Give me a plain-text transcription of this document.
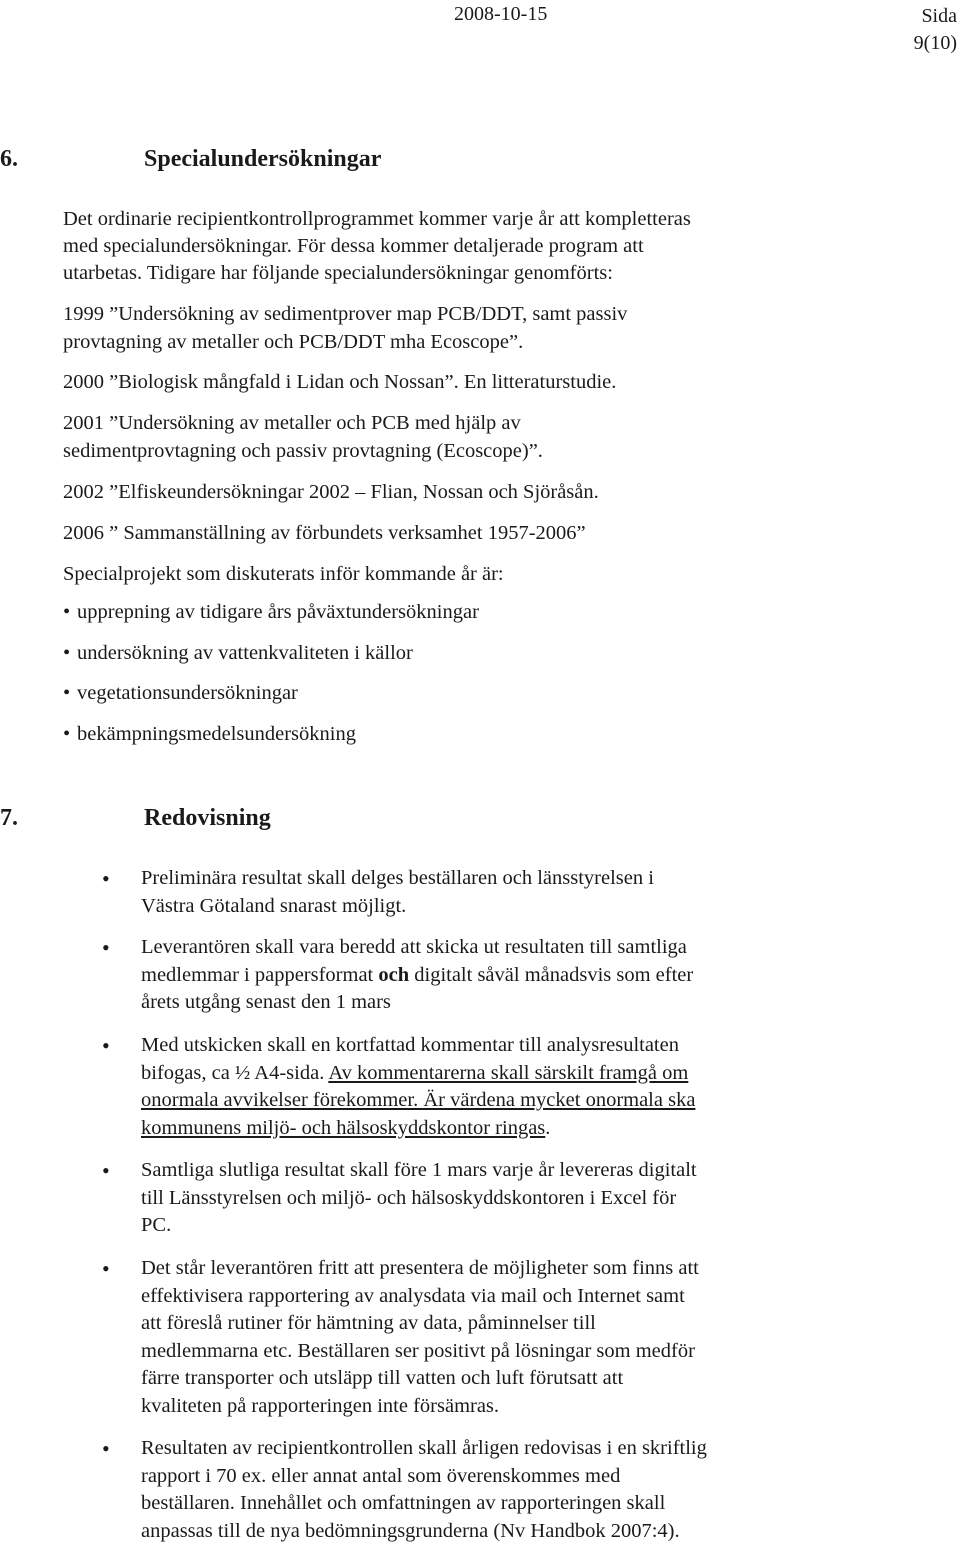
2008-10-15	Sida
9(10)
6.	Specialundersökningar
Det ordinarie recipientkontrollprogrammet kommer varje år att kompletteras
med specialundersökningar. För dessa kommer detaljerade program att
utarbetas. Tidigare har följande specialundersökningar genomförts:
1999 ”Undersökning av sedimentprover map PCB/DDT, samt passiv
provtagning av metaller och PCB/DDT mha Ecoscope”.
2000 ”Biologisk mångfald i Lidan och Nossan”. En litteraturstudie.
2001 ”Undersökning av metaller och PCB med hjälp av
sedimentprovtagning och passiv provtagning (Ecoscope)”.
2002 ”Elfiskeundersökningar 2002 – Flian, Nossan och Sjöråsån.
2006 ” Sammanställning av förbundets verksamhet 1957-2006”
Specialprojekt som diskuterats inför kommande år är:
• upprepning av tidigare års påväxtundersökningar
• undersökning av vattenkvaliteten i källor
• vegetationsundersökningar
• bekämpningsmedelsundersökning
7.	Redovisning
• Preliminära resultat skall delges beställaren och länsstyrelsen i
Västra Götaland snarast möjligt.
• Leverantören skall vara beredd att skicka ut resultaten till samtliga
medlemmar i pappersformat och digitalt såväl månadsvis som efter
årets utgång senast den 1 mars
• Med utskicken skall en kortfattad kommentar till analysresultaten
bifogas, ca ½ A4-sida. Av kommentarerna skall särskilt framgå om
onormala avvikelser förekommer. Är värdena mycket onormala ska
kommunens miljö- och hälsoskyddskontor ringas.
• Samtliga slutliga resultat skall före 1 mars varje år levereras digitalt
till Länsstyrelsen och miljö- och hälsoskyddskontoren i Excel för
PC.
• Det står leverantören fritt att presentera de möjligheter som finns att
effektivisera rapportering av analysdata via mail och Internet samt
att föreslå rutiner för hämtning av data, påminnelser till
medlemmarna etc. Beställaren ser positivt på lösningar som medför
färre transporter och utsläpp till vatten och luft förutsatt att
kvaliteten på rapporteringen inte försämras.
• Resultaten av recipientkontrollen skall årligen redovisas i en skriftlig
rapport i 70 ex. eller annat antal som överenskommes med
beställaren. Innehållet och omfattningen av rapporteringen skall
anpassas till de nya bedömningsgrunderna (Nv Handbok 2007:4).
